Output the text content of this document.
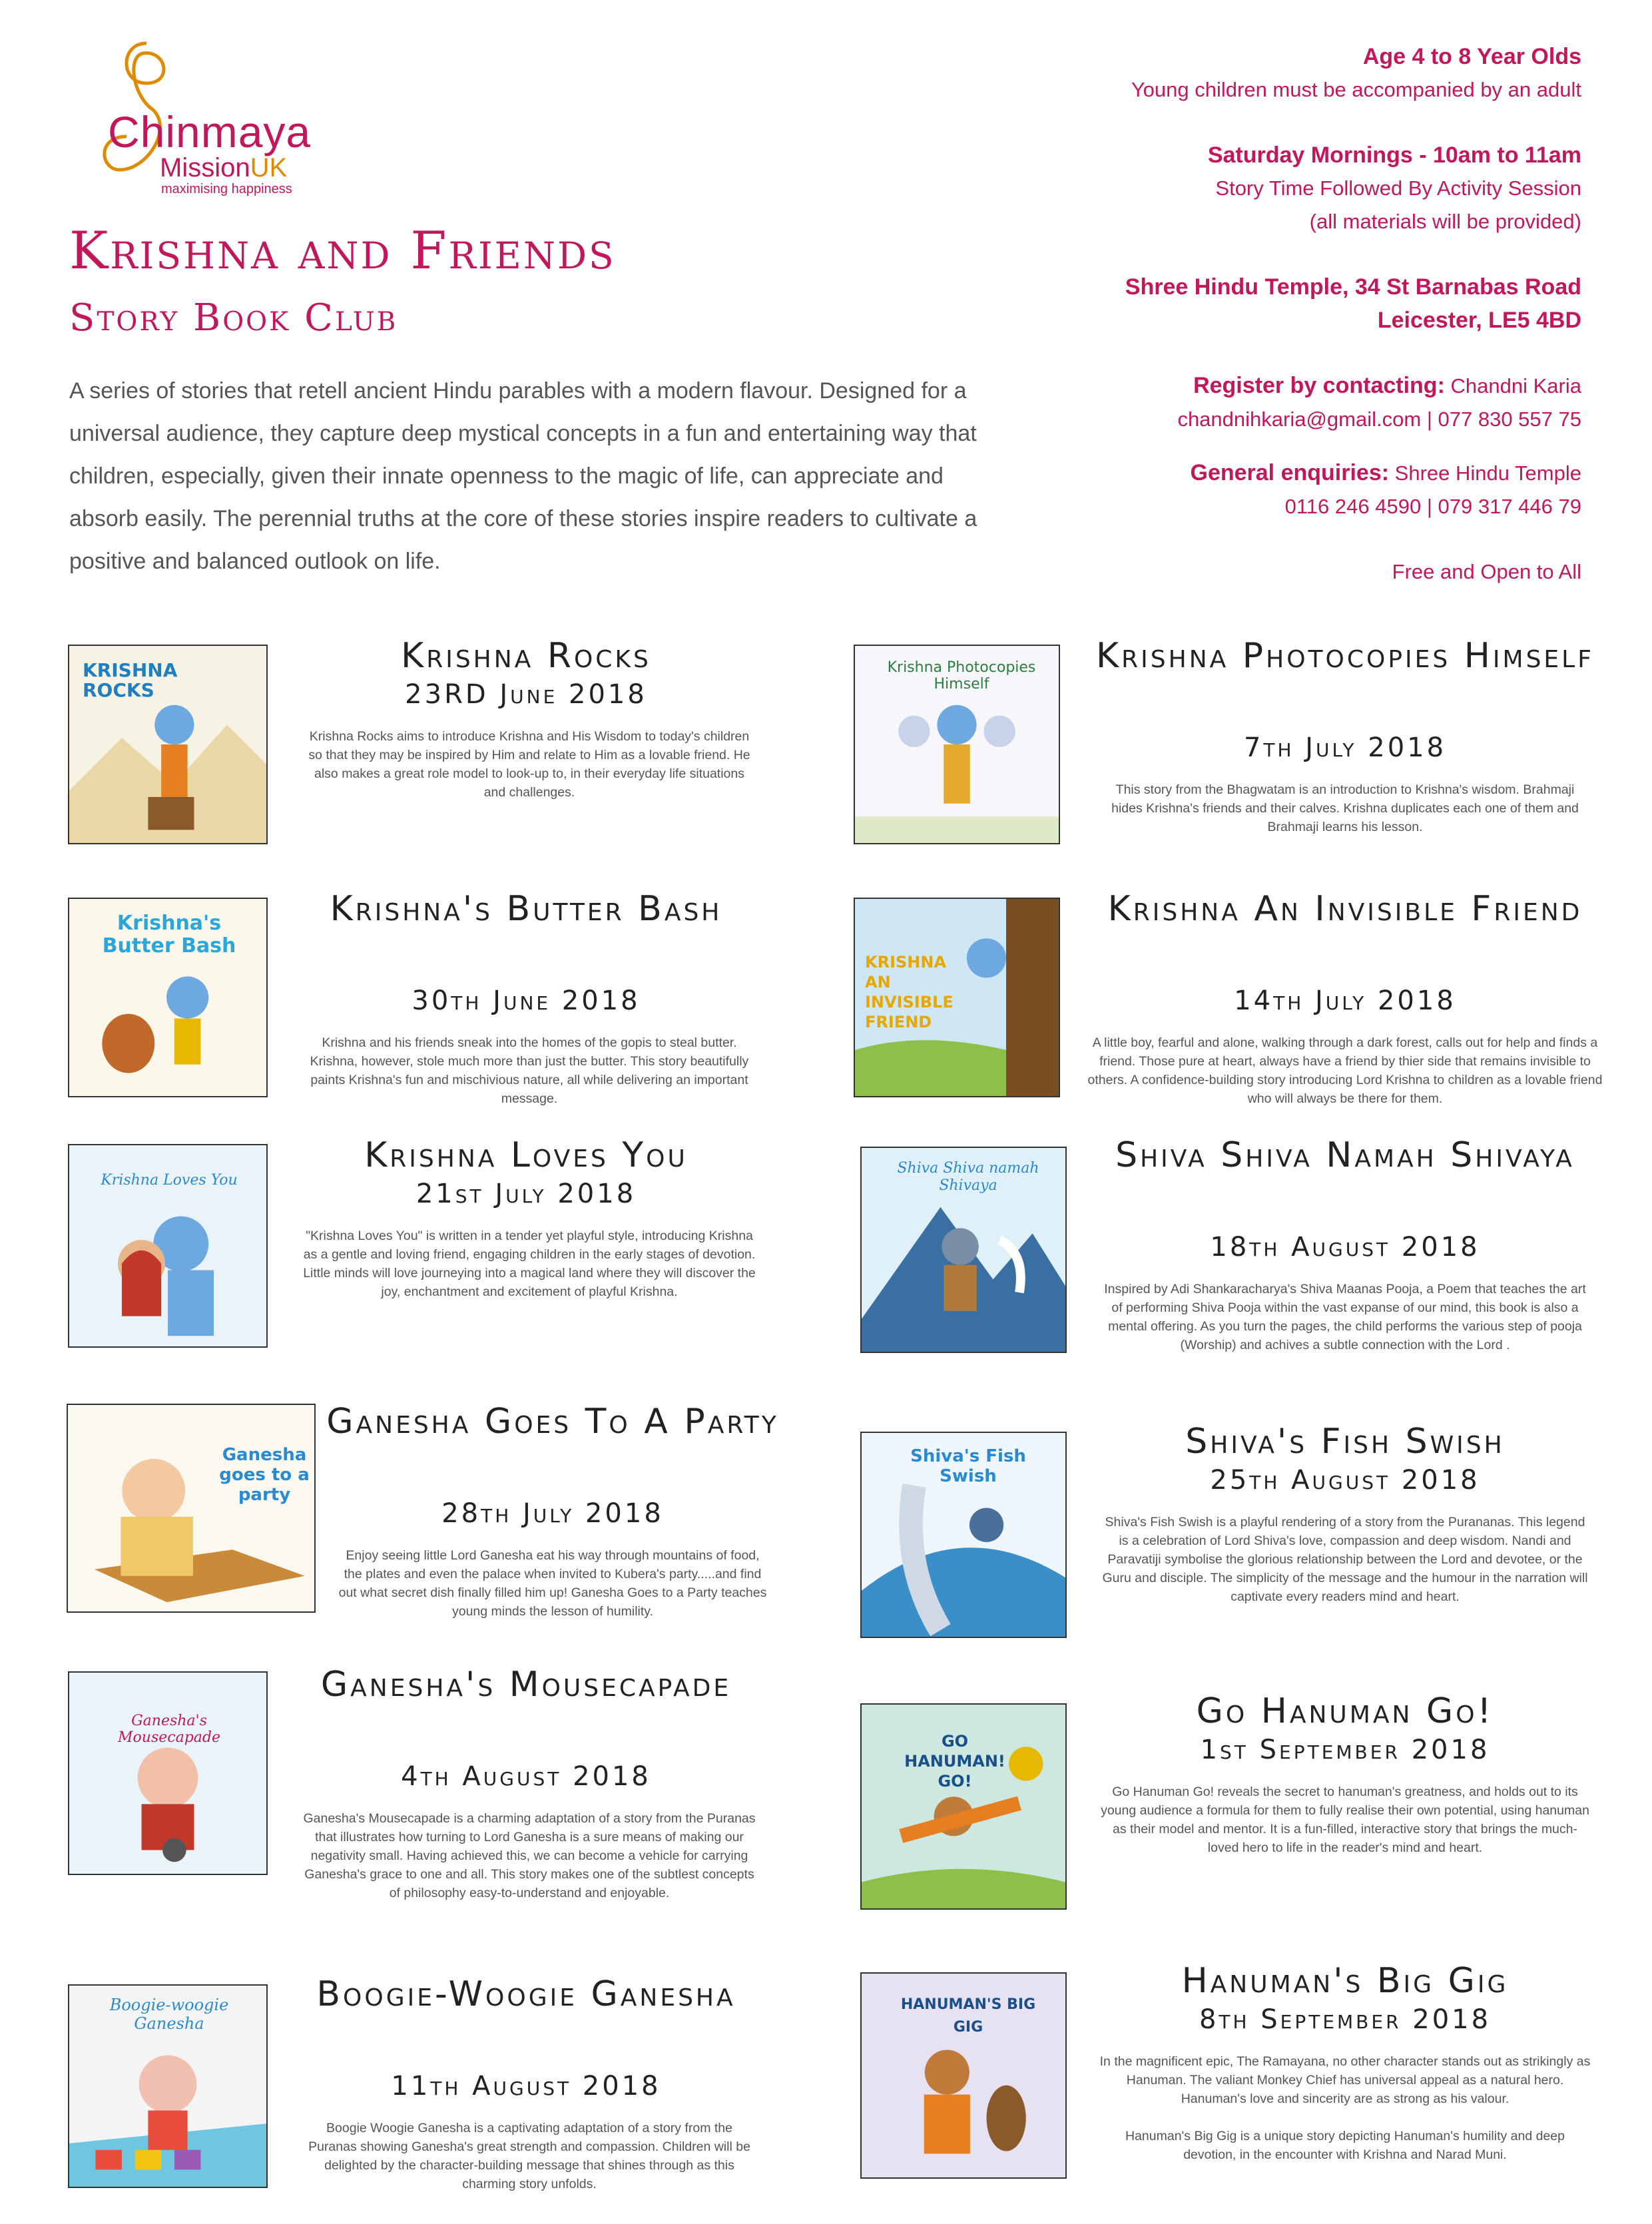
Chinmaya
MissionUK
maximising happiness
Krishna and Friends
Story Book Club

A series of stories that retell ancient Hindu parables with a modern flavour. Designed for a universal audience, they capture deep mystical concepts in a fun and entertaining way that children, especially, given their innate openness to the magic of life, can appreciate and absorb easily. The perennial truths at the core of these stories inspire readers to cultivate a positive and balanced outlook on life.

Age 4 to 8 Year Olds
Young children must be accompanied by an adult
Saturday Mornings - 10am to 11am
Story Time Followed By Activity Session
(all materials will be provided)
Shree Hindu Temple, 34 St Barnabas Road
Leicester, LE5 4BD
Register by contacting: Chandni Karia
chandnihkaria@gmail.com | 077 830 557 75
General enquiries: Shree Hindu Temple
0116 246 4590 | 079 317 446 79
Free and Open to All
KRISHNA ROCKS
Krishna Rocks
23RD June 2018

Krishna Rocks aims to introduce Krishna and His Wisdom to today's children so that they may be inspired by Him and relate to Him as a lovable friend. He also makes a great role model to look-up to, in their everyday life situations and challenges.

Krishna Photocopies Himself
Krishna Photocopies Himself
7th July 2018

This story from the Bhagwatam is an introduction to Krishna's wisdom. Brahmaji hides Krishna's friends and their calves. Krishna duplicates each one of them and Brahmaji learns his lesson.

Krishna's Butter Bash
Krishna's Butter Bash
30th June 2018

Krishna and his friends sneak into the homes of the gopis to steal butter. Krishna, however, stole much more than just the butter. This story beautifully paints Krishna's fun and mischivious nature, all while delivering an important message.

KRISHNA AN INVISIBLE FRIEND
Krishna An Invisible Friend
14th July 2018

A little boy, fearful and alone, walking through a dark forest, calls out for help and finds a friend. Those pure at heart, always have a friend by thier side that remains invisible to others. A confidence-building story introducing Lord Krishna to children as a lovable friend who will always be there for them.

Krishna Loves You
Krishna Loves You
21st July 2018

"Krishna Loves You" is written in a tender yet playful style, introducing Krishna as a gentle and loving friend, engaging children in the early stages of devotion. Little minds will love journeying into a magical land where they will discover the joy, enchantment and excitement of playful Krishna.

Shiva Shiva namah Shivaya
Shiva Shiva Namah Shivaya
18th August 2018

Inspired by Adi Shankaracharya's Shiva Maanas Pooja, a Poem that teaches the art of performing Shiva Pooja within the vast expanse of our mind, this book is also a mental offering. As you turn the pages, the child performs the various step of pooja (Worship) and achives a subtle connection with the Lord .

Ganesha goes to a party
Ganesha Goes To A Party
28th July 2018

Enjoy seeing little Lord Ganesha eat his way through mountains of food, the plates and even the palace when invited to Kubera's party.....and find out what secret dish finally filled him up! Ganesha Goes to a Party teaches young minds the lesson of humility.

Shiva's Fish Swish
Shiva's Fish Swish
25th August 2018

Shiva's Fish Swish is a playful rendering of a story from the Purananas. This legend is a celebration of Lord Shiva's love, compassion and deep wisdom. Nandi and Paravatiji symbolise the glorious relationship between the Lord and devotee, or the Guru and disciple. The simplicity of the message and the humour in the narration will captivate every readers mind and heart.

Ganesha's Mousecapade
Ganesha's Mousecapade
4th August 2018

Ganesha's Mousecapade is a charming adaptation of a story from the Puranas that illustrates how turning to Lord Ganesha is a sure means of making our negativity small. Having achieved this, we can become a vehicle for carrying Ganesha's grace to one and all. This story makes one of the subtlest concepts of philosophy easy-to-understand and enjoyable.

GO HANUMAN! GO!
Go Hanuman Go!
1st September 2018

Go Hanuman Go! reveals the secret to hanuman's greatness, and holds out to its young audience a formula for them to fully realise their own potential, using hanuman as their model and mentor. It is a fun-filled, interactive story that brings the much-loved hero to life in the reader's mind and heart.

Boogie-woogie Ganesha
Boogie-Woogie Ganesha
11th August 2018

Boogie Woogie Ganesha is a captivating adaptation of a story from the Puranas showing Ganesha's great strength and compassion. Children will be delighted by the character-building message that shines through as this charming story unfolds.

HANUMAN'S BIG GIG
Hanuman's Big Gig
8th September 2018

In the magnificent epic, The Ramayana, no other character stands out as strikingly as Hanuman. The valiant Monkey Chief has universal appeal as a natural hero. Hanuman's love and sincerity are as strong as his valour.

Hanuman's Big Gig is a unique story depicting Hanuman's humility and deep devotion, in the encounter with Krishna and Narad Muni.
